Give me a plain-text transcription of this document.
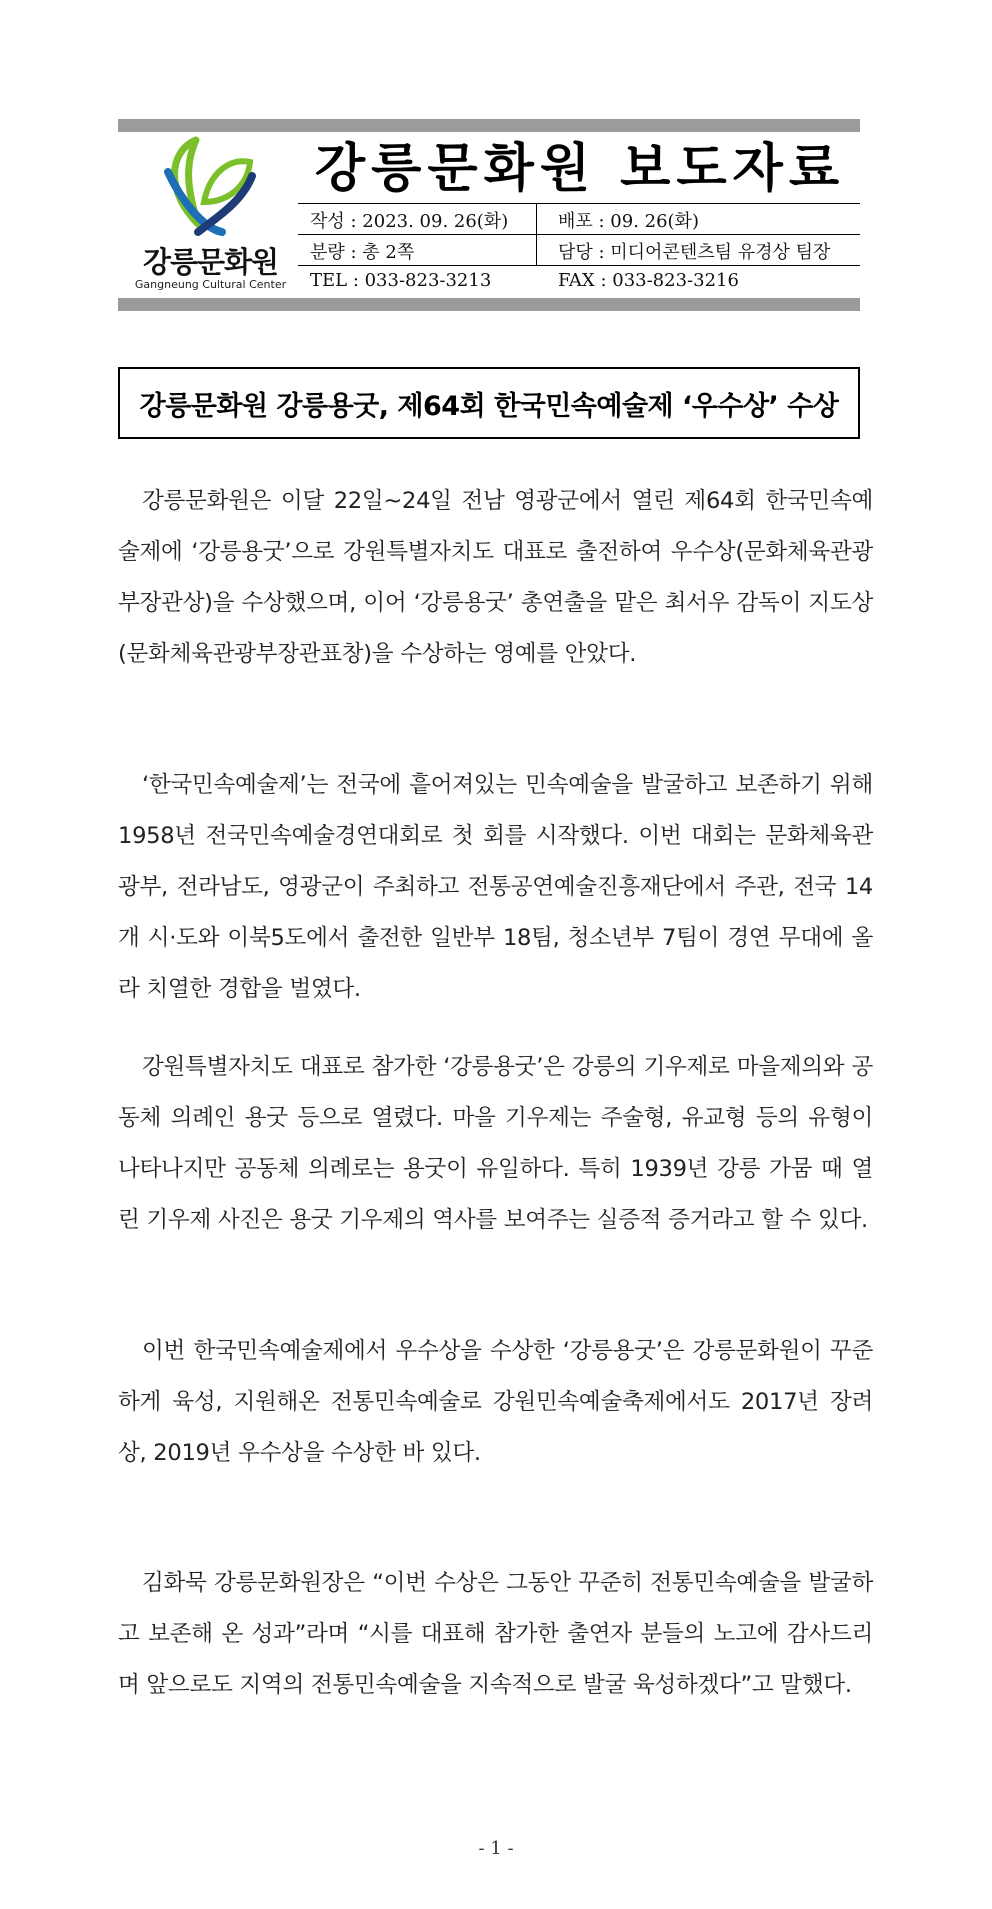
강릉문화원
Gangneung Cultural Center
강릉문화원 보도자료
작성 : 2023. 09. 26(화)	배포 : 09. 26(화)
분량 : 총 2쪽	담당 : 미디어콘텐츠팀 유경상 팀장
TEL : 033-823-3213	FAX : 033-823-3216
강릉문화원 강릉용굿, 제64회 한국민속예술제 ‘우수상’ 수상

강릉문화원은 이달 22일~24일 전남 영광군에서 열린 제64회 한국민속예술제에 ‘강릉용굿’으로 강원특별자치도 대표로 출전하여 우수상(문화체육관광부장관상)을 수상했으며, 이어 ‘강릉용굿’ 총연출을 맡은 최서우 감독이 지도상(문화체육관광부장관표창)을 수상하는 영예를 안았다.

‘한국민속예술제’는 전국에 흩어져있는 민속예술을 발굴하고 보존하기 위해 1958년 전국민속예술경연대회로 첫 회를 시작했다. 이번 대회는 문화체육관광부, 전라남도, 영광군이 주최하고 전통공연예술진흥재단에서 주관, 전국 14개 시·도와 이북5도에서 출전한 일반부 18팀, 청소년부 7팀이 경연 무대에 올라 치열한 경합을 벌였다.

강원특별자치도 대표로 참가한 ‘강릉용굿’은 강릉의 기우제로 마을제의와 공동체 의례인 용굿 등으로 열렸다. 마을 기우제는 주술형, 유교형 등의 유형이 나타나지만 공동체 의례로는 용굿이 유일하다. 특히 1939년 강릉 가뭄 때 열린 기우제 사진은 용굿 기우제의 역사를 보여주는 실증적 증거라고 할 수 있다.

이번 한국민속예술제에서 우수상을 수상한 ‘강릉용굿’은 강릉문화원이 꾸준하게 육성, 지원해온 전통민속예술로 강원민속예술축제에서도 2017년 장려상, 2019년 우수상을 수상한 바 있다.

김화묵 강릉문화원장은 “이번 수상은 그동안 꾸준히 전통민속예술을 발굴하고 보존해 온 성과”라며 “시를 대표해 참가한 출연자 분들의 노고에 감사드리며 앞으로도 지역의 전통민속예술을 지속적으로 발굴 육성하겠다”고 말했다.

- 1 -
